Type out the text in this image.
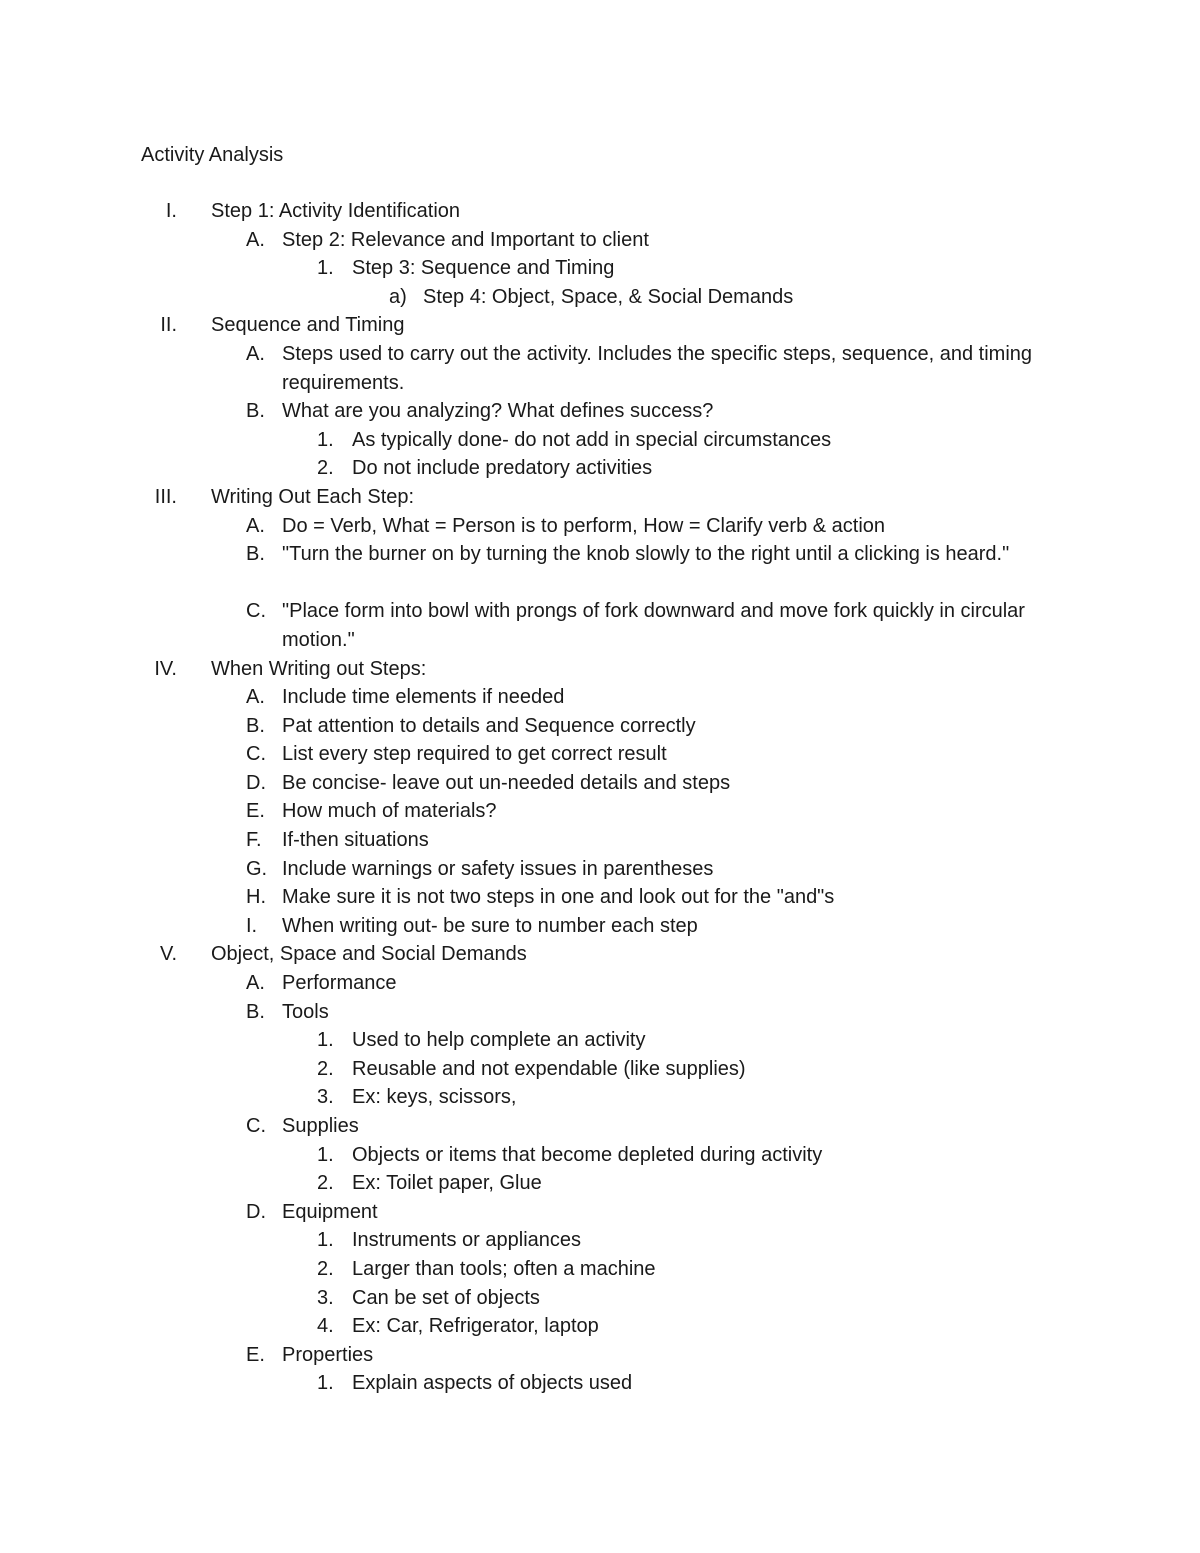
Activity Analysis
I. Step 1: Activity Identification
A. Step 2: Relevance and Important to client
1. Step 3: Sequence and Timing
a) Step 4: Object, Space, & Social Demands
II. Sequence and Timing
A. Steps used to carry out the activity. Includes the specific steps, sequence, and timing requirements.
B. What are you analyzing? What defines success?
1. As typically done- do not add in special circumstances
2. Do not include predatory activities
III. Writing Out Each Step:
A. Do = Verb, What = Person is to perform, How = Clarify verb & action
B. "Turn the burner on by turning the knob slowly to the right until a clicking is heard."
C. "Place form into bowl with prongs of fork downward and move fork quickly in circular motion."
IV. When Writing out Steps:
A. Include time elements if needed
B. Pat attention to details and Sequence correctly
C. List every step required to get correct result
D. Be concise- leave out un-needed details and steps
E. How much of materials?
F. If-then situations
G. Include warnings or safety issues in parentheses
H. Make sure it is not two steps in one and look out for the "and"s
I. When writing out- be sure to number each step
V. Object, Space and Social Demands
A. Performance
B. Tools
1. Used to help complete an activity
2. Reusable and not expendable (like supplies)
3. Ex: keys, scissors,
C. Supplies
1. Objects or items that become depleted during activity
2. Ex: Toilet paper, Glue
D. Equipment
1. Instruments or appliances
2. Larger than tools; often a machine
3. Can be set of objects
4. Ex: Car, Refrigerator, laptop
E. Properties
1. Explain aspects of objects used
